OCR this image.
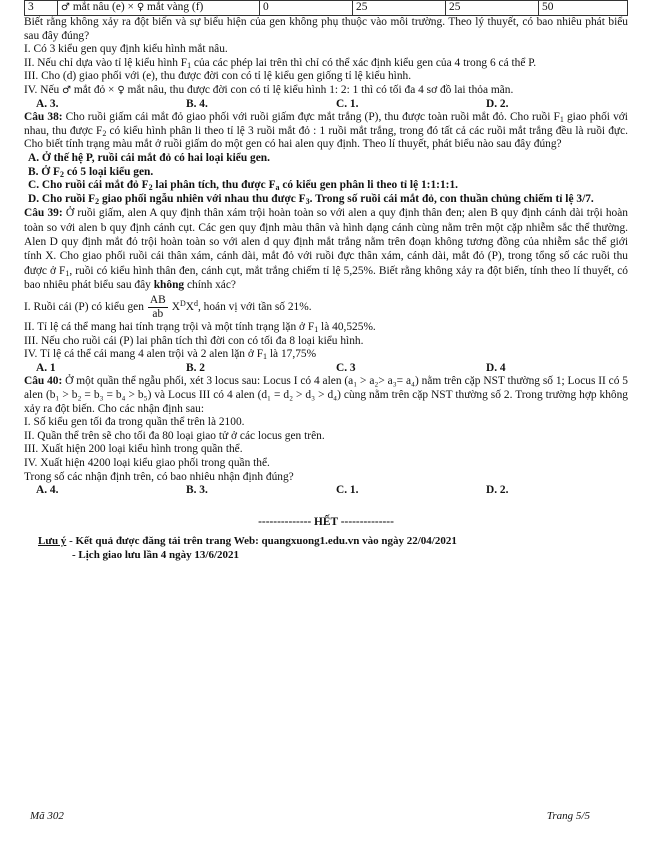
3	♂ mắt nâu (e) × ♀ mắt vàng (f)	0	25	25	50

Biết rằng không xảy ra đột biến và sự biểu hiện của gen không phụ thuộc vào môi trường. Theo lý thuyết, có bao nhiêu phát biểu sau đây đúng?

I. Có 3 kiểu gen quy định kiểu hình mắt nâu.

II. Nếu chỉ dựa vào tỉ lệ kiểu hình $F_1$ của các phép lai trên thì chỉ có thể xác định kiểu gen của 4 trong 6 cá thể P.

III. Cho (d) giao phối với (e), thu được đời con có tỉ lệ kiểu gen giống tỉ lệ kiểu hình.

IV. Nếu ♂ mắt đỏ × ♀ mắt nâu, thu được đời con có tỉ lệ kiểu hình 1: 2: 1 thì có tối đa 4 sơ đồ lai thỏa mãn.

A. 3.	B. 4.	C. 1.	D. 2.

Câu 38: Cho ruồi giấm cái mắt đỏ giao phối với ruồi giấm đực mắt trắng (P), thu được toàn ruồi mắt đỏ. Cho ruồi $F_1$ giao phối với nhau, thu được $F_2$ có kiểu hình phân li theo tỉ lệ 3 ruồi mắt đỏ : 1 ruồi mắt trắng, trong đó tất cả các ruồi mắt trắng đều là ruồi đực. Cho biết tính trạng màu mắt ở ruồi giấm do một gen có hai alen quy định. Theo lí thuyết, phát biểu nào sau đây đúng?

A. Ở thế hệ P, ruồi cái mắt đỏ có hai loại kiểu gen.

B. Ở $F_2$ có 5 loại kiểu gen.

C. Cho ruồi cái mắt đỏ $F_2$ lai phân tích, thu được $F_a$ có kiểu gen phân li theo tỉ lệ 1:1:1:1.

D. Cho ruồi $F_2$ giao phối ngẫu nhiên với nhau thu được $F_3$. Trong số ruồi cái mắt đỏ, con thuần chủng chiếm tỉ lệ 3/7.

Câu 39: Ở ruồi giấm, alen A quy định thân xám trội hoàn toàn so với alen a quy định thân đen; alen B quy định cánh dài trội hoàn toàn so với alen b quy định cánh cụt. Các gen quy định màu thân và hình dạng cánh cùng nằm trên một cặp nhiễm sắc thể thường. Alen D quy định mắt đỏ trội hoàn toàn so với alen d quy định mắt trắng nằm trên đoạn không tương đồng của nhiễm sắc thể giới tính X. Cho giao phối ruồi cái thân xám, cánh dài, mắt đỏ với ruồi đực thân xám, cánh dài, mắt đỏ (P), trong tổng số các ruồi thu được ở $F_1$, ruồi có kiểu hình thân đen, cánh cụt, mắt trắng chiếm tỉ lệ 5,25%. Biết rằng không xảy ra đột biến, tính theo lí thuyết, có bao nhiêu phát biểu sau đây không chính xác?

I. Ruồi cái (P) có kiểu gen $\frac{AB}{ab} X^DX^d$, hoán vị với tần số 21%.

II. Tỉ lệ cá thể mang hai tính trạng trội và một tính trạng lặn ở $F_1$ là 40,525%.

III. Nếu cho ruồi cái (P) lai phân tích thì đời con có tối đa 8 loại kiểu hình.

IV. Tỉ lệ cá thể cái mang 4 alen trội và 2 alen lặn ở $F_1$ là 17,75%

A. 1	B. 2	C. 3	D. 4

Câu 40: Ở một quần thể ngẫu phối, xét 3 locus sau: Locus I có 4 alen (a₁ > a₂> a₃= a₄) nằm trên cặp NST thường số 1; Locus II có 5 alen (b₁ > b₂ = b₃ = b₄ > b₅) và Locus III có 4 alen (d₁ = d₂ > d₃ > d₄) cùng nằm trên cặp NST thường số 2. Trong trường hợp không xảy ra đột biến. Cho các nhận định sau:

I. Số kiểu gen tối đa trong quần thể trên là 2100.

II. Quần thể trên sẽ cho tối đa 80 loại giao tử ở các locus gen trên.

III. Xuất hiện 200 loại kiểu hình trong quần thể.

IV. Xuất hiện 4200 loại kiểu giao phối trong quần thể.

Trong số các nhận định trên, có bao nhiêu nhận định đúng?

A. 4.	B. 3.	C. 1.	D. 2.
-------------- HẾT --------------
Lưu ý - Kết quả được đăng tải trên trang Web: quangxuong1.edu.vn vào ngày 22/04/2021
- Lịch giao lưu lần 4 ngày 13/6/2021
Mã 302	Trang 5/5
